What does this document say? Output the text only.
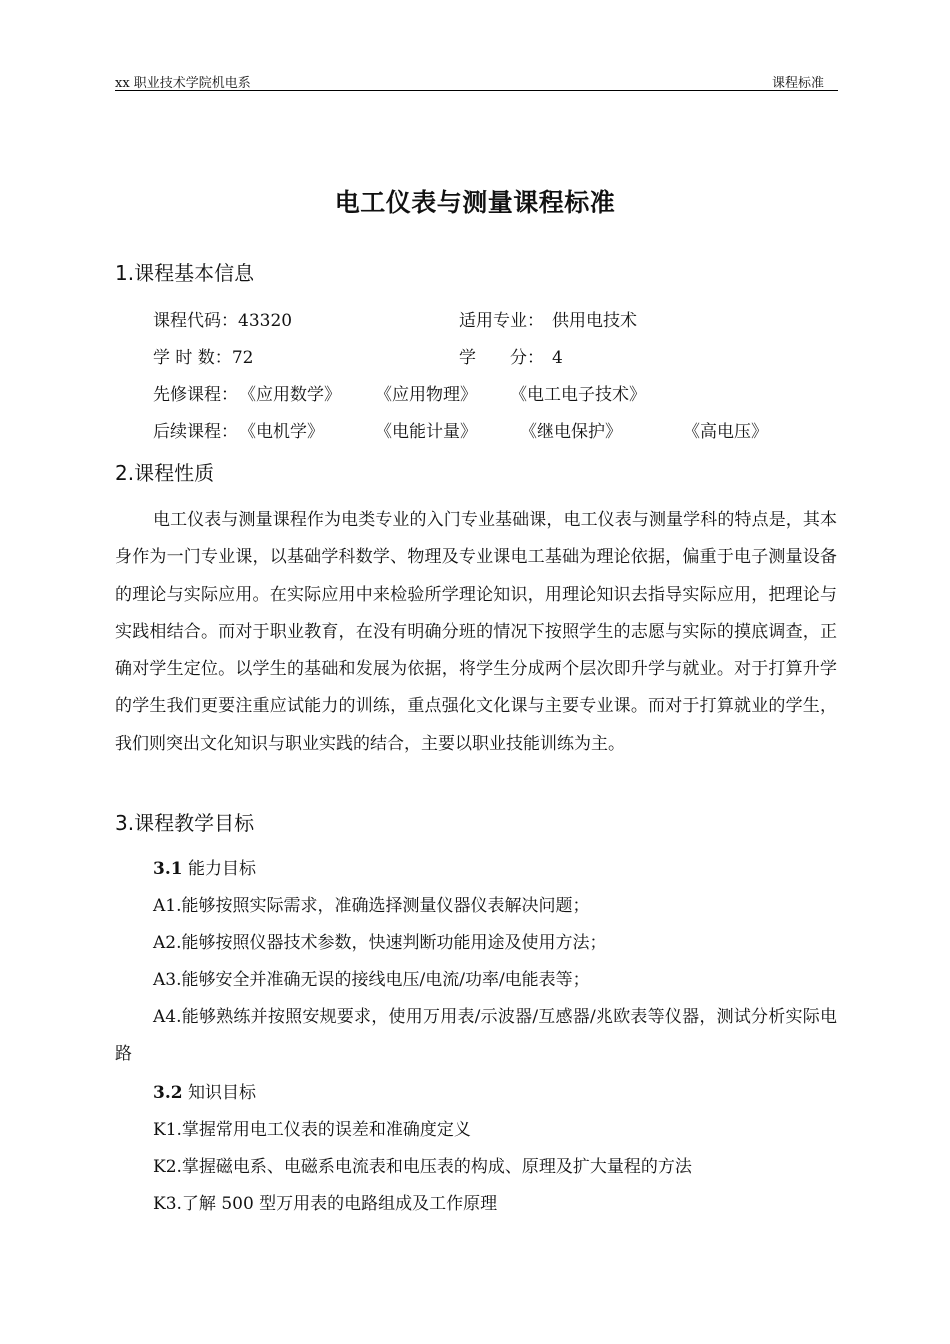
xx 职业技术学院机电系	课程标准
电工仪表与测量课程标准
1.课程基本信息
课程代码：43320	适用专业： 供用电技术
学 时 数：72	学　　分： 4
先修课程： 《应用数学》 《应用物理》 《电工电子技术》
后续课程： 《电机学》	《电能计量》	《继电保护》	《高电压》
2.课程性质

电工仪表与测量课程作为电类专业的入门专业基础课，电工仪表与测量学科的特点是，其本身作为一门专业课，以基础学科数学、物理及专业课电工基础为理论依据，偏重于电子测量设备的理论与实际应用。在实际应用中来检验所学理论知识，用理论知识去指导实际应用，把理论与实践相结合。而对于职业教育，在没有明确分班的情况下按照学生的志愿与实际的摸底调查，正确对学生定位。以学生的基础和发展为依据，将学生分成两个层次即升学与就业。对于打算升学的学生我们更要注重应试能力的训练，重点强化文化课与主要专业课。而对于打算就业的学生，我们则突出文化知识与职业实践的结合，主要以职业技能训练为主。

3.课程教学目标
3.1 能力目标
A1.能够按照实际需求，准确选择测量仪器仪表解决问题；
A2.能够按照仪器技术参数，快速判断功能用途及使用方法；
A3.能够安全并准确无误的接线电压/电流/功率/电能表等；

A4.能够熟练并按照安规要求，使用万用表/示波器/互感器/兆欧表等仪器，测试分析实际电路

3.2 知识目标
K1.掌握常用电工仪表的误差和准确度定义
K2.掌握磁电系、电磁系电流表和电压表的构成、原理及扩大量程的方法
K3.了解 500 型万用表的电路组成及工作原理
